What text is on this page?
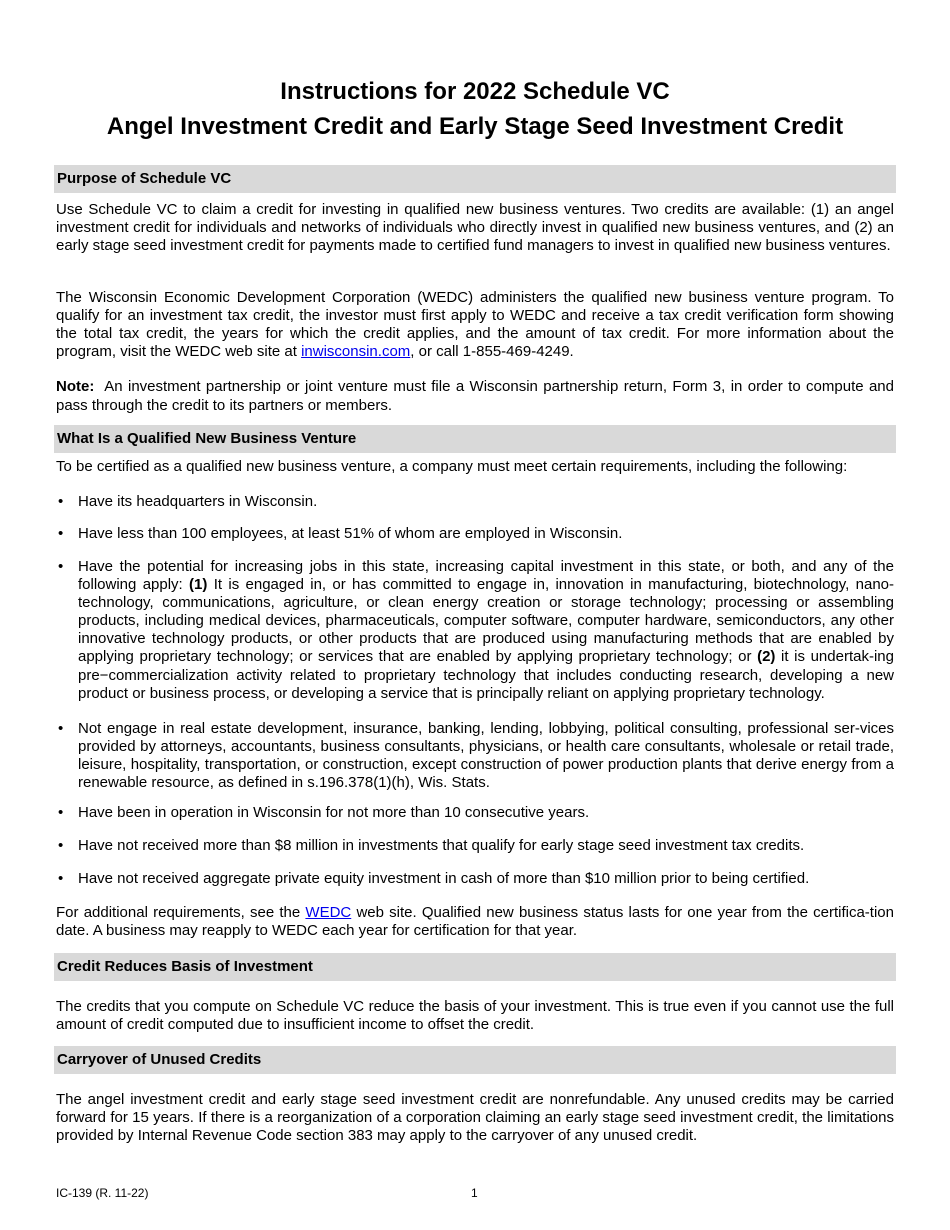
Instructions for 2022 Schedule VC
Angel Investment Credit and Early Stage Seed Investment Credit
Purpose of Schedule VC
Use Schedule VC to claim a credit for investing in qualified new business ventures. Two credits are available: (1) an angel investment credit for individuals and networks of individuals who directly invest in qualified new business ventures, and (2) an early stage seed investment credit for payments made to certified fund managers to invest in qualified new business ventures.
The Wisconsin Economic Development Corporation (WEDC) administers the qualified new business venture program. To qualify for an investment tax credit, the investor must first apply to WEDC and receive a tax credit verification form showing the total tax credit, the years for which the credit applies, and the amount of tax credit. For more information about the program, visit the WEDC web site at inwisconsin.com, or call 1-855-469-4249.
Note:  An investment partnership or joint venture must file a Wisconsin partnership return, Form 3, in order to compute and pass through the credit to its partners or members.
What Is a Qualified New Business Venture
To be certified as a qualified new business venture, a company must meet certain requirements, including the following:
• Have its headquarters in Wisconsin.
• Have less than 100 employees, at least 51% of whom are employed in Wisconsin.
• Have the potential for increasing jobs in this state, increasing capital investment in this state, or both, and any of the following apply: (1) It is engaged in, or has committed to engage in, innovation in manufacturing, biotechnology, nano-technology, communications, agriculture, or clean energy creation or storage technology; processing or assembling products, including medical devices, pharmaceuticals, computer software, computer hardware, semiconductors, any other innovative technology products, or other products that are produced using manufacturing methods that are enabled by applying proprietary technology; or services that are enabled by applying proprietary technology; or (2) it is undertak-ing pre−commercialization activity related to proprietary technology that includes conducting research, developing a new product or business process, or developing a service that is principally reliant on applying proprietary technology.
• Not engage in real estate development, insurance, banking, lending, lobbying, political consulting, professional ser-vices provided by attorneys, accountants, business consultants, physicians, or health care consultants, wholesale or retail trade, leisure, hospitality, transportation, or construction, except construction of power production plants that derive energy from a renewable resource, as defined in s.196.378(1)(h), Wis. Stats.
• Have been in operation in Wisconsin for not more than 10 consecutive years.
• Have not received more than $8 million in investments that qualify for early stage seed investment tax credits.
• Have not received aggregate private equity investment in cash of more than $10 million prior to being certified.
For additional requirements, see the WEDC web site. Qualified new business status lasts for one year from the certifica-tion date. A business may reapply to WEDC each year for certification for that year.
Credit Reduces Basis of Investment
The credits that you compute on Schedule VC reduce the basis of your investment. This is true even if you cannot use the full amount of credit computed due to insufficient income to offset the credit.
Carryover of Unused Credits
The angel investment credit and early stage seed investment credit are nonrefundable. Any unused credits may be carried forward for 15 years. If there is a reorganization of a corporation claiming an early stage seed investment credit, the limitations provided by Internal Revenue Code section 383 may apply to the carryover of any unused credit.
IC-139 (R. 11-22)	1
